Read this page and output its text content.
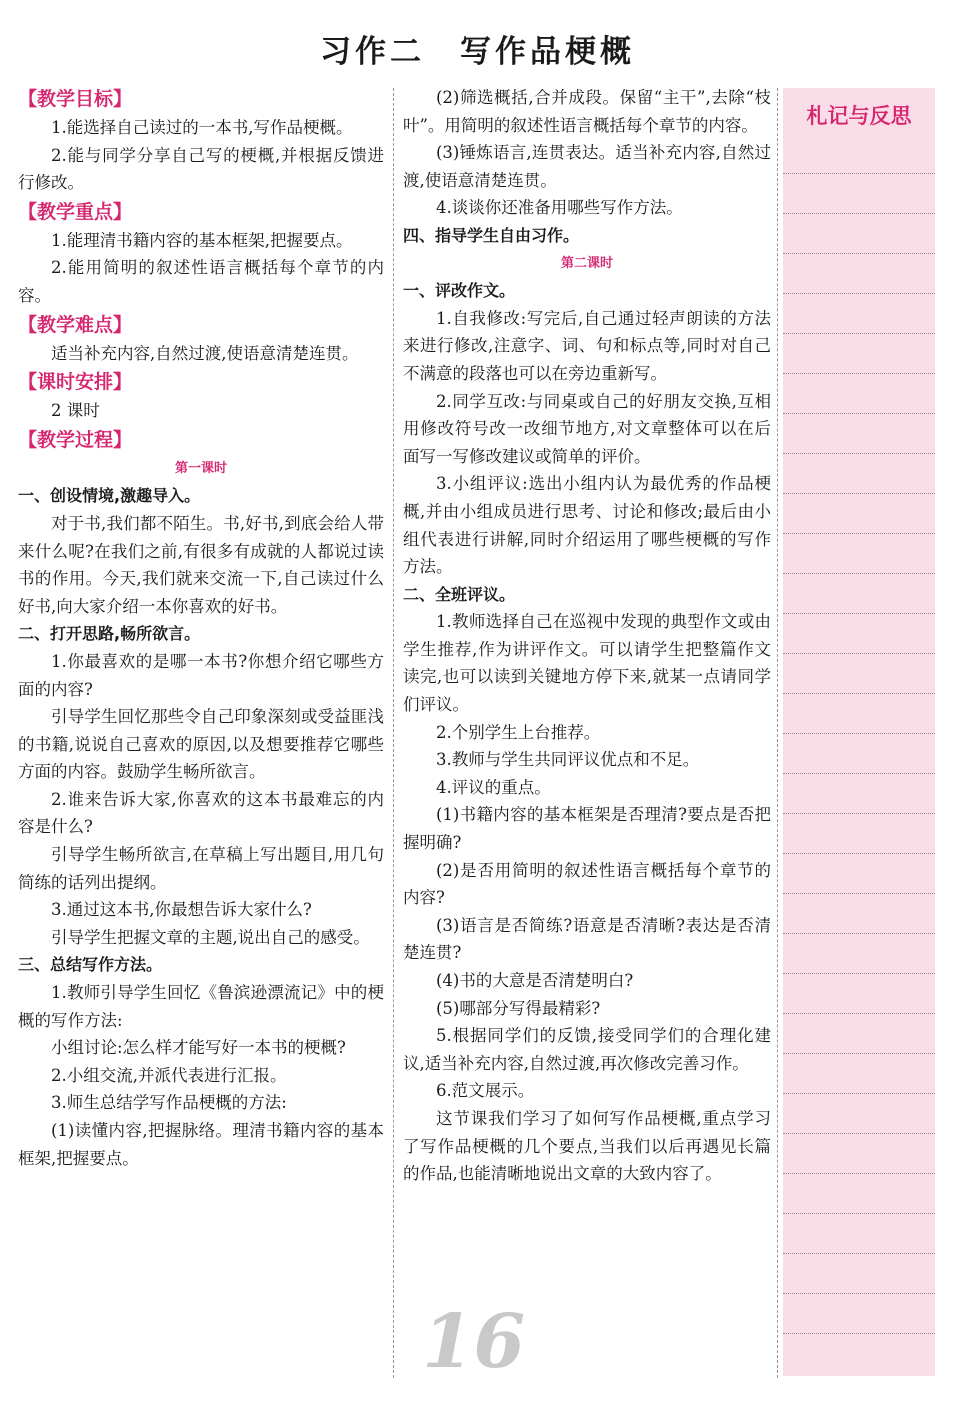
习作二　写作品梗概
【教学目标】
1.能选择自己读过的一本书,写作品梗概。
2.能与同学分享自己写的梗概,并根据反馈进行修改。
【教学重点】
1.能理清书籍内容的基本框架,把握要点。
2.能用简明的叙述性语言概括每个章节的内容。
【教学难点】
适当补充内容,自然过渡,使语意清楚连贯。
【课时安排】
2 课时
【教学过程】
第一课时
一、创设情境,激趣导入。
对于书,我们都不陌生。书,好书,到底会给人带来什么呢?在我们之前,有很多有成就的人都说过读书的作用。今天,我们就来交流一下,自己读过什么好书,向大家介绍一本你喜欢的好书。
二、打开思路,畅所欲言。
1.你最喜欢的是哪一本书?你想介绍它哪些方面的内容?
引导学生回忆那些令自己印象深刻或受益匪浅的书籍,说说自己喜欢的原因,以及想要推荐它哪些方面的内容。鼓励学生畅所欲言。
2.谁来告诉大家,你喜欢的这本书最难忘的内容是什么?
引导学生畅所欲言,在草稿上写出题目,用几句简练的话列出提纲。
3.通过这本书,你最想告诉大家什么?
引导学生把握文章的主题,说出自己的感受。
三、总结写作方法。
1.教师引导学生回忆《鲁滨逊漂流记》中的梗概的写作方法:
小组讨论:怎么样才能写好一本书的梗概?
2.小组交流,并派代表进行汇报。
3.师生总结学写作品梗概的方法:
(1)读懂内容,把握脉络。理清书籍内容的基本框架,把握要点。
(2)筛选概括,合并成段。保留“主干”,去除“枝叶”。用简明的叙述性语言概括每个章节的内容。
(3)锤炼语言,连贯表达。适当补充内容,自然过渡,使语意清楚连贯。
4.谈谈你还准备用哪些写作方法。
四、指导学生自由习作。
第二课时
一、评改作文。
1.自我修改:写完后,自己通过轻声朗读的方法来进行修改,注意字、词、句和标点等,同时对自己不满意的段落也可以在旁边重新写。
2.同学互改:与同桌或自己的好朋友交换,互相用修改符号改一改细节地方,对文章整体可以在后面写一写修改建议或简单的评价。
3.小组评议:选出小组内认为最优秀的作品梗概,并由小组成员进行思考、讨论和修改;最后由小组代表进行讲解,同时介绍运用了哪些梗概的写作方法。
二、全班评议。
1.教师选择自己在巡视中发现的典型作文或由学生推荐,作为讲评作文。可以请学生把整篇作文读完,也可以读到关键地方停下来,就某一点请同学们评议。
2.个别学生上台推荐。
3.教师与学生共同评议优点和不足。
4.评议的重点。
(1)书籍内容的基本框架是否理清?要点是否把握明确?
(2)是否用简明的叙述性语言概括每个章节的内容?
(3)语言是否简练?语意是否清晰?表达是否清楚连贯?
(4)书的大意是否清楚明白?
(5)哪部分写得最精彩?
5.根据同学们的反馈,接受同学们的合理化建议,适当补充内容,自然过渡,再次修改完善习作。
6.范文展示。
这节课我们学习了如何写作品梗概,重点学习了写作品梗概的几个要点,当我们以后再遇见长篇的作品,也能清晰地说出文章的大致内容了。
札记与反思
16
